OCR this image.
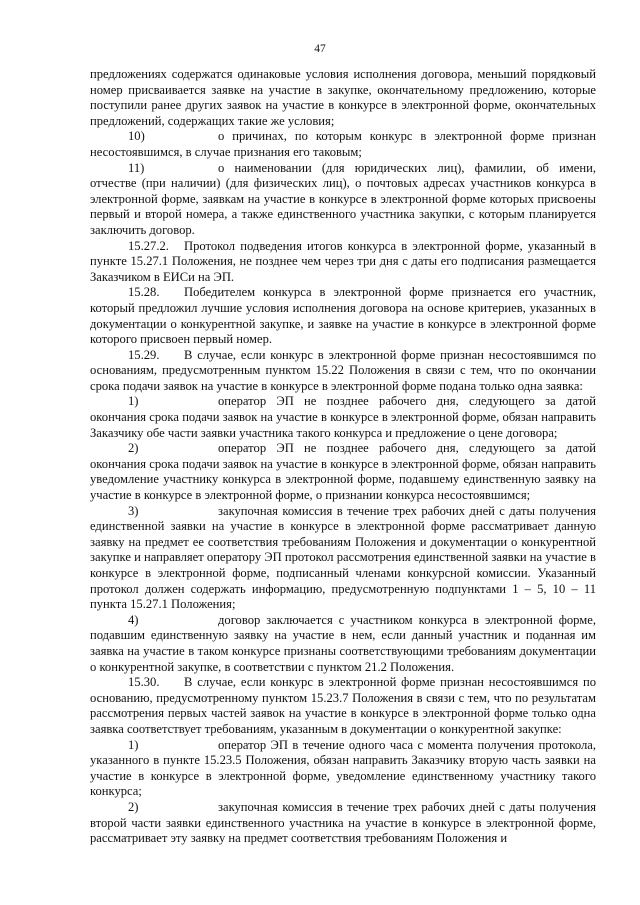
47

предложениях содержатся одинаковые условия исполнения договора, меньший порядковый номер присваивается заявке на участие в закупке, окончательному предложению, которые поступили ранее других заявок на участие в конкурсе в электронной форме, окончательных предложений, содержащих такие же условия;

10)	о причинах, по которым конкурс в электронной форме признан несостоявшимся, в случае признания его таковым;

11)	о наименовании (для юридических лиц), фамилии, об имени, отчестве (при наличии) (для физических лиц), о почтовых адресах участников конкурса в электронной форме, заявкам на участие в конкурсе в электронной форме которых присвоены первый и второй номера, а также единственного участника закупки, с которым планируется заключить договор.

15.27.2. Протокол подведения итогов конкурса в электронной форме, указанный в пункте 15.27.1 Положения, не позднее чем через три дня с даты его подписания размещается Заказчиком в ЕИСи на ЭП.

15.28. Победителем конкурса в электронной форме признается его участник, который предложил лучшие условия исполнения договора на основе критериев, указанных в документации о конкурентной закупке, и заявке на участие в конкурсе в электронной форме которого присвоен первый номер.

15.29. В случае, если конкурс в электронной форме признан несостоявшимся по основаниям, предусмотренным пунктом 15.22 Положения в связи с тем, что по окончании срока подачи заявок на участие в конкурсе в электронной форме подана только одна заявка:

1)	оператор ЭП не позднее рабочего дня, следующего за датой окончания срока подачи заявок на участие в конкурсе в электронной форме, обязан направить Заказчику обе части заявки участника такого конкурса и предложение о цене договора;

2)	оператор ЭП не позднее рабочего дня, следующего за датой окончания срока подачи заявок на участие в конкурсе в электронной форме, обязан направить уведомление участнику конкурса в электронной форме, подавшему единственную заявку на участие в конкурсе в электронной форме, о признании конкурса несостоявшимся;

3)	закупочная комиссия в течение трех рабочих дней с даты получения единственной заявки на участие в конкурсе в электронной форме рассматривает данную заявку на предмет ее соответствия требованиям Положения и документации о конкурентной закупке и направляет оператору ЭП протокол рассмотрения единственной заявки на участие в конкурсе в электронной форме, подписанный членами конкурсной комиссии. Указанный протокол должен содержать информацию, предусмотренную подпунктами 1 – 5, 10 – 11 пункта 15.27.1 Положения;

4)	договор заключается с участником конкурса в электронной форме, подавшим единственную заявку на участие в нем, если данный участник и поданная им заявка на участие в таком конкурсе признаны соответствующими требованиям документации о конкурентной закупке, в соответствии с пунктом 21.2 Положения.

15.30. В случае, если конкурс в электронной форме признан несостоявшимся по основанию, предусмотренному пунктом 15.23.7 Положения в связи с тем, что по результатам рассмотрения первых частей заявок на участие в конкурсе в электронной форме только одна заявка соответствует требованиям, указанным в документации о конкурентной закупке:

1)	оператор ЭП в течение одного часа с момента получения протокола, указанного в пункте 15.23.5 Положения, обязан направить Заказчику вторую часть заявки на участие в конкурсе в электронной форме, уведомление единственному участнику такого конкурса;

2)	закупочная комиссия в течение трех рабочих дней с даты получения второй части заявки единственного участника на участие в конкурсе в электронной форме, рассматривает эту заявку на предмет соответствия требованиям Положения и
